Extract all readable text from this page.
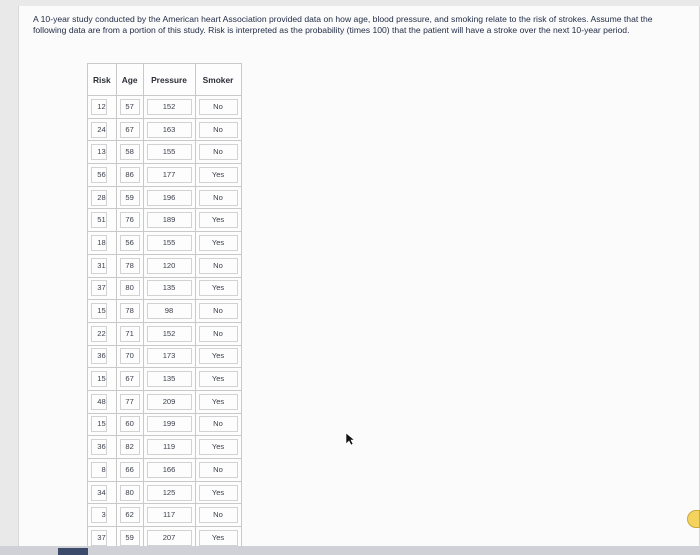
A 10-year study conducted by the American heart Association provided data on how age, blood pressure, and smoking relate to the risk of strokes. Assume that the following data are from a portion of this study. Risk is interpreted as the probability (times 100) that the patient will have a stroke over the next 10-year period.
Risk	Age	Pressure	Smoker

12	57	152	No

24	67	163	No

13	58	155	No

56	86	177	Yes

28	59	196	No

51	76	189	Yes

18	56	155	Yes

31	78	120	No

37	80	135	Yes

15	78	98	No

22	71	152	No

36	70	173	Yes

15	67	135	Yes

48	77	209	Yes

15	60	199	No

36	82	119	Yes

8	66	166	No

34	80	125	Yes

3	62	117	No

37	59	207	Yes
